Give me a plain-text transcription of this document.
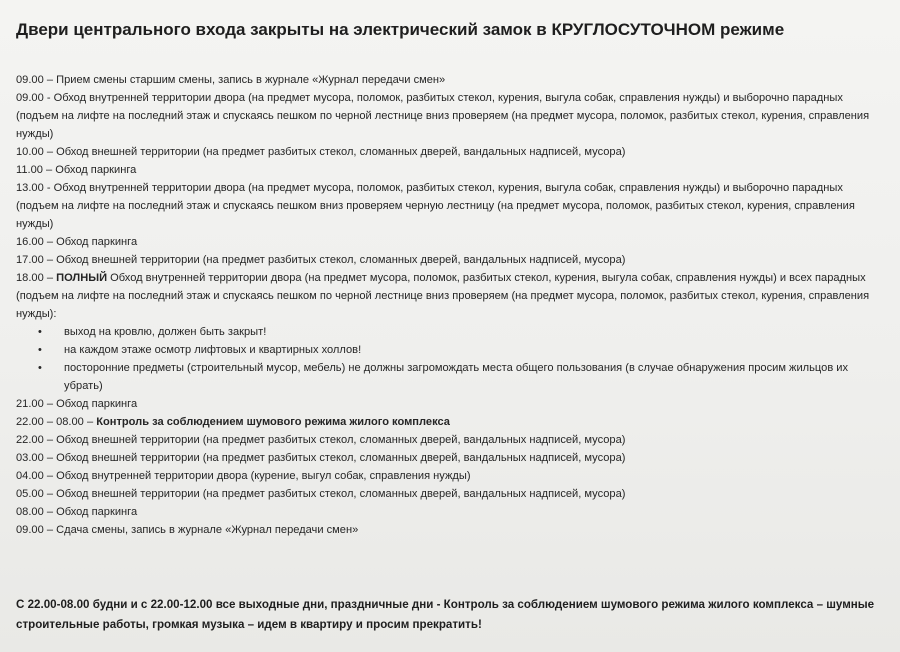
Двери центрального входа закрыты на электрический замок в КРУГЛОСУТОЧНОМ режиме
09.00 – Прием смены старшим смены, запись в журнале «Журнал передачи смен»
09.00 - Обход внутренней территории двора (на предмет мусора, поломок, разбитых стекол, курения, выгула собак, справления нужды) и выборочно парадных (подъем на лифте на последний этаж и спускаясь пешком по черной лестнице вниз проверяем (на предмет мусора, поломок, разбитых стекол, курения, справления нужды)
10.00 – Обход внешней территории (на предмет разбитых стекол, сломанных дверей, вандальных надписей, мусора)
11.00 – Обход паркинга
13.00 - Обход внутренней территории двора (на предмет мусора, поломок, разбитых стекол, курения, выгула собак, справления нужды) и выборочно парадных (подъем на лифте на последний этаж и спускаясь пешком вниз проверяем черную лестницу (на предмет мусора, поломок, разбитых стекол, курения, справления нужды)
16.00 – Обход паркинга
17.00 – Обход внешней территории (на предмет разбитых стекол, сломанных дверей, вандальных надписей, мусора)
18.00 – ПОЛНЫЙ Обход внутренней территории двора (на предмет мусора, поломок, разбитых стекол, курения, выгула собак, справления нужды) и всех парадных (подъем на лифте на последний этаж и спускаясь пешком по черной лестнице вниз проверяем (на предмет мусора, поломок, разбитых стекол, курения, справления нужды):
• выход на кровлю, должен быть закрыт!
• на каждом этаже осмотр лифтовых и квартирных холлов!
• посторонние предметы (строительный мусор, мебель) не должны загромождать места общего пользования (в случае обнаружения просим жильцов их убрать)
21.00 – Обход паркинга
22.00 – 08.00 – Контроль за соблюдением шумового режима жилого комплекса
22.00 – Обход внешней территории (на предмет разбитых стекол, сломанных дверей, вандальных надписей, мусора)
03.00 – Обход внешней территории (на предмет разбитых стекол, сломанных дверей, вандальных надписей, мусора)
04.00 – Обход внутренней территории двора (курение, выгул собак, справления нужды)
05.00 – Обход внешней территории (на предмет разбитых стекол, сломанных дверей, вандальных надписей, мусора)
08.00 – Обход паркинга
09.00 – Сдача смены, запись в журнале «Журнал передачи смен»
С 22.00-08.00 будни и с 22.00-12.00 все выходные дни, праздничные дни - Контроль за соблюдением шумового режима жилого комплекса – шумные строительные работы, громкая музыка – идем в квартиру и просим прекратить!
